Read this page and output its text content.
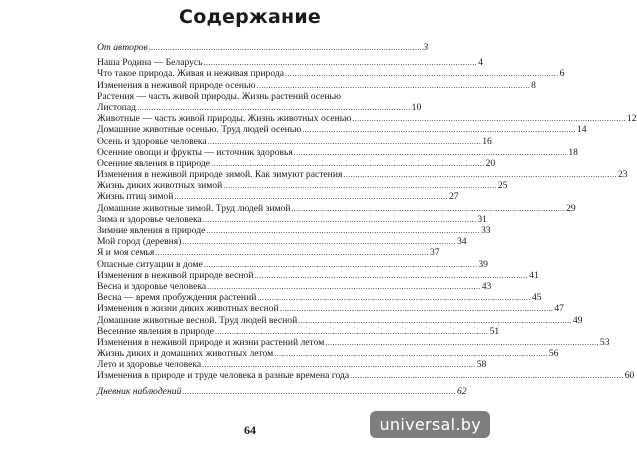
Содержание
От авторов .................................................................................................................. 3
Наша Родина — Беларусь .................................................................................................................. 4
Что такое природа. Живая и неживая природа .................................................................................................................. 6
Изменения в неживой природе осенью .................................................................................................................. 8
Растения — часть живой природы. Жизнь растений осенью
Листопад .................................................................................................................. 10
Животные — часть живой природы. Жизнь животных осенью .................................................................................................................. 12
Домашние животные осенью. Труд людей осенью .................................................................................................................. 14
Осень и здоровье человека .................................................................................................................. 16
Осенние овощи и фрукты — источник здоровья .................................................................................................................. 18
Осенние явления в природе .................................................................................................................. 20
Изменения в неживой природе зимой. Как зимуют растения .................................................................................................................. 23
Жизнь диких животных зимой .................................................................................................................. 25
Жизнь птиц зимой .................................................................................................................. 27
Домашние животные зимой. Труд людей зимой .................................................................................................................. 29
Зима и здоровье человека .................................................................................................................. 31
Зимние явления в природе .................................................................................................................. 33
Мой город (деревня) .................................................................................................................. 34
Я и моя семья .................................................................................................................. 37
Опасные ситуации в доме .................................................................................................................. 39
Изменения в неживой природе весной .................................................................................................................. 41
Весна и здоровье человека .................................................................................................................. 43
Весна — время пробуждения растений .................................................................................................................. 45
Изменения в жизни диких животных весной .................................................................................................................. 47
Домашние животные весной. Труд людей весной .................................................................................................................. 49
Весенние явления в природе .................................................................................................................. 51
Изменения в неживой природе и жизни растений летом .................................................................................................................. 53
Жизнь диких и домашних животных летом .................................................................................................................. 56
Лето и здоровье человека .................................................................................................................. 58
Изменения в природе и труде человека в разные времена года .................................................................................................................. 60
Дневник наблюдений .................................................................................................................. 62
64	universal.by
